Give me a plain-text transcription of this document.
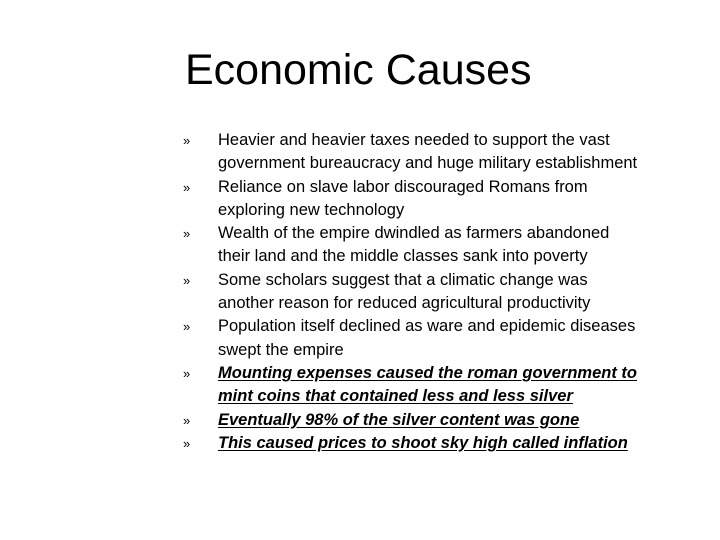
Economic Causes
»	Heavier and heavier taxes needed to support the vast
government bureaucracy and huge military establishment
»	Reliance on slave labor discouraged Romans from
exploring new technology
»	Wealth of the empire dwindled as farmers abandoned
their land and the middle classes sank into poverty
»	Some scholars suggest that a climatic change was
another reason for reduced agricultural productivity
»	Population itself declined as ware and epidemic diseases
swept the empire
»	Mounting expenses caused the roman government to
mint coins that contained less and less silver
»	Eventually 98% of the silver content was gone
»	This caused prices to shoot sky high called inflation
